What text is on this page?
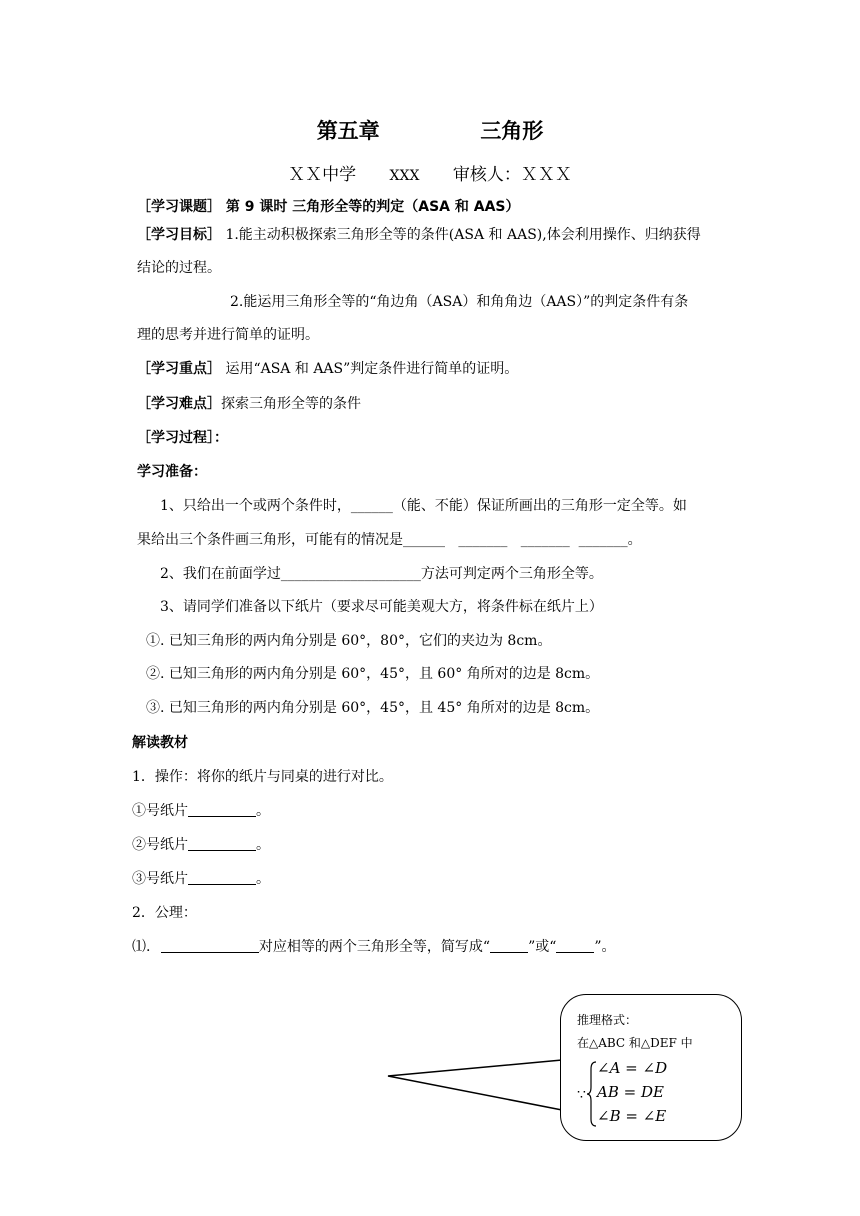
第五章	三角形
ＸＸ中学 XXX 审核人：ＸＸＸ
［学习课题］ 第 9 课时 三角形全等的判定（ASA 和 AAS）
［学习目标］ 1.能主动积极探索三角形全等的条件(ASA 和 AAS),体会利用操作、归纳获得
结论的过程。
2.能运用三角形全等的“角边角（ASA）和角角边（AAS）”的判定条件有条
理的思考并进行简单的证明。
［学习重点］ 运用“ASA 和 AAS”判定条件进行简单的证明。
［学习难点］探索三角形全等的条件
［学习过程］：
学习准备：
1、只给出一个或两个条件时，______（能、不能）保证所画出的三角形一定全等。如
果给出三个条件画三角形，可能有的情况是______   _______   _______  _______。
2、我们在前面学过____________________方法可判定两个三角形全等。
3、请同学们准备以下纸片（要求尽可能美观大方，将条件标在纸片上）
①. 已知三角形的两内角分别是 60°，80°，它们的夹边为 8cm。
②. 已知三角形的两内角分别是 60°，45°，且 60° 角所对的边是 8cm。
③. 已知三角形的两内角分别是 60°，45°，且 45° 角所对的边是 8cm。
解读教材
1．操作：将你的纸片与同桌的进行对比。
①号纸片	。
②号纸片	。
③号纸片	。
2．公理：
⑴.	对应相等的两个三角形全等，简写成“	”或“	”。
推理格式：
在△ABC 和△DEF 中
∵
∠A = ∠D
AB = DE
∠B = ∠E
